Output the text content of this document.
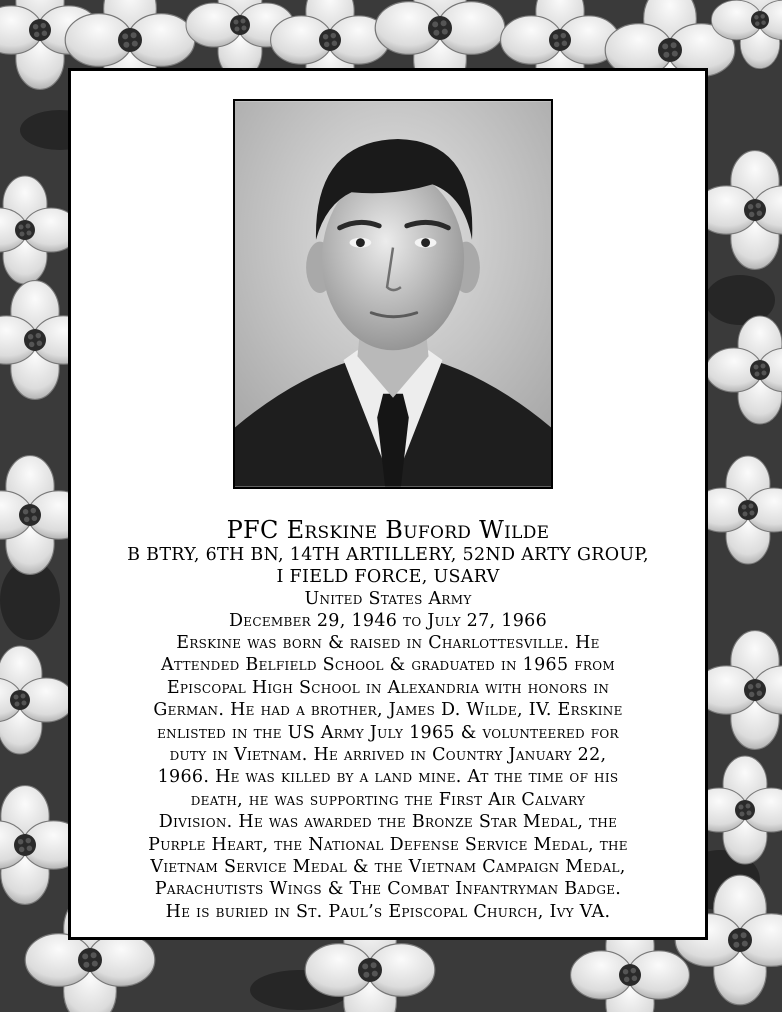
PFC Erskine Buford Wilde

B BTRY, 6TH BN, 14TH ARTILLERY, 52ND ARTY GROUP,

I FIELD FORCE, USARV

United States Army

December 29, 1946 to July 27, 1966

Erskine was born & raised in Charlottesville. He

Attended Belfield School & graduated in 1965 from

Episcopal High School in Alexandria with honors in

German. He had a brother, James D. Wilde, IV. Erskine

enlisted in the US Army July 1965 & volunteered for

duty in Vietnam. He arrived in Country January 22,

1966. He was killed by a land mine. At the time of his

death, he was supporting the First Air Calvary

Division. He was awarded the Bronze Star Medal, the

Purple Heart, the National Defense Service Medal, the

Vietnam Service Medal & the Vietnam Campaign Medal,

Parachutists Wings & The Combat Infantryman Badge.

He is buried in St. Paul’s Episcopal Church, Ivy VA.
